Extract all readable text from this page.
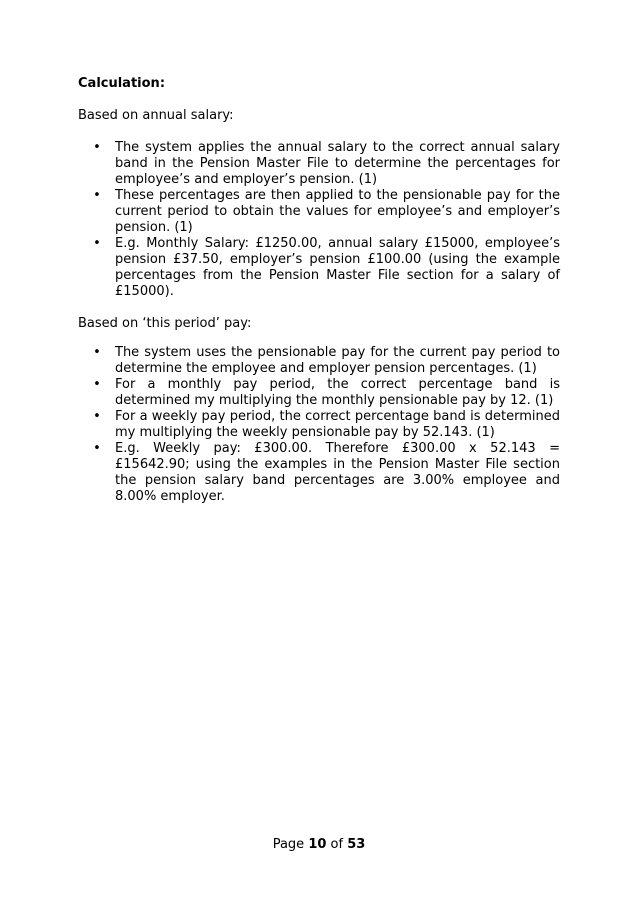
Calculation:

Based on annual salary:

• The system applies the annual salary to the correct annual salary band in the Pension Master File to determine the percentages for employee’s and employer’s pension. (1)
• These percentages are then applied to the pensionable pay for the current period to obtain the values for employee’s and employer’s pension. (1)
• E.g. Monthly Salary: £1250.00, annual salary £15000, employee’s pension £37.50, employer’s pension £100.00 (using the example percentages from the Pension Master File section for a salary of £15000).

Based on ‘this period’ pay:

• The system uses the pensionable pay for the current pay period to determine the employee and employer pension percentages. (1)
• For a monthly pay period, the correct percentage band is determined my multiplying the monthly pensionable pay by 12. (1)
• For a weekly pay period, the correct percentage band is determined my multiplying the weekly pensionable pay by 52.143. (1)
• E.g. Weekly pay: £300.00. Therefore £300.00 x 52.143 = £15642.90; using the examples in the Pension Master File section the pension salary band percentages are 3.00% employee and 8.00% employer.
Page 10 of 53
